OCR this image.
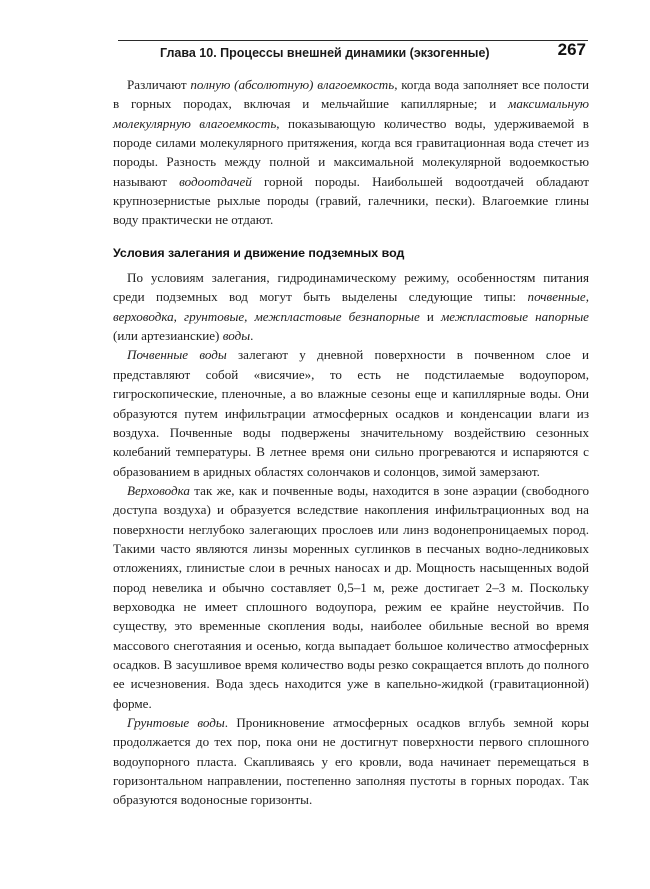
Глава 10. Процессы внешней динамики (экзогенные)	267

Различают полную (абсолютную) влагоемкость, когда вода заполняет все полости в горных породах, включая и мельчайшие капиллярные; и максимальную молекулярную влагоемкость, показывающую количество воды, удерживаемой в породе силами молекулярного притяжения, когда вся гравитационная вода стечет из породы. Разность между полной и максимальной молекулярной водоемкостью называют водоотдачей горной породы. Наибольшей водоотдачей обладают крупнозернистые рыхлые породы (гравий, галечники, пески). Влагоемкие глины воду практически не отдают.

Условия залегания и движение подземных вод

По условиям залегания, гидродинамическому режиму, особенностям питания среди подземных вод могут быть выделены следующие типы: почвенные, верховодка, грунтовые, межпластовые безнапорные и межпластовые напорные (или артезианские) воды.

Почвенные воды залегают у дневной поверхности в почвенном слое и представляют собой «висячие», то есть не подстилаемые водоупором, гигроскопические, пленочные, а во влажные сезоны еще и капиллярные воды. Они образуются путем инфильтрации атмосферных осадков и конденсации влаги из воздуха. Почвенные воды подвержены значительному воздействию сезонных колебаний температуры. В летнее время они сильно прогреваются и испаряются с образованием в аридных областях солончаков и солонцов, зимой замерзают.

Верховодка так же, как и почвенные воды, находится в зоне аэрации (свободного доступа воздуха) и образуется вследствие накопления инфильтрационных вод на поверхности неглубоко залегающих прослоев или линз водонепроницаемых пород. Такими часто являются линзы моренных суглинков в песчаных водно-ледниковых отложениях, глинистые слои в речных наносах и др. Мощность насыщенных водой пород невелика и обычно составляет 0,5–1 м, реже достигает 2–3 м. Поскольку верховодка не имеет сплошного водоупора, режим ее крайне неустойчив. По существу, это временные скопления воды, наиболее обильные весной во время массового снеготаяния и осенью, когда выпадает большое количество атмосферных осадков. В засушливое время количество воды резко сокращается вплоть до полного ее исчезновения. Вода здесь находится уже в капельно-жидкой (гравитационной) форме.

Грунтовые воды. Проникновение атмосферных осадков вглубь земной коры продолжается до тех пор, пока они не достигнут поверхности первого сплошного водоупорного пласта. Скапливаясь у его кровли, вода начинает перемещаться в горизонтальном направлении, постепенно заполняя пустоты в горных породах. Так образуются водоносные горизонты.
